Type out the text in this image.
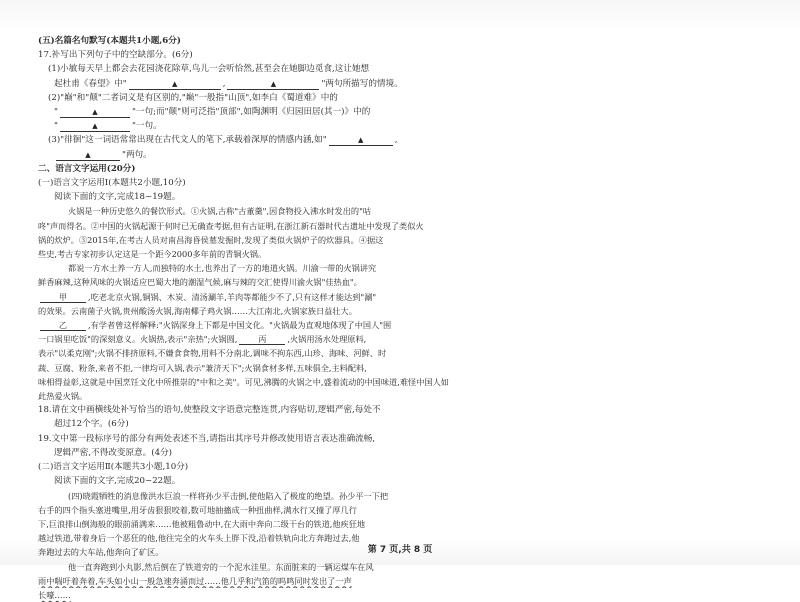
(五)名篇名句默写(本题共1小题,6分)
17.补写出下列句子中的空缺部分。(6分)
(1)小敏每天早上都会去花园浇花除草,鸟儿一会听恰然,甚至会在她脚边觅食,这让她想
起杜甫《春望》中"	▲	,	▲	"两句所描写的情境。
(2)"巅"和"颠"二者词义是有区别的,"巅"一般指"山顶",如李白《蜀道难》中的
"	▲	"一句;而"颠"则可泛指"顶部",如陶渊明《归园田居(其一)》中的
"	▲	"一句。
(3)"徘徊"这一词语常常出现在古代文人的笔下,承载着深厚的情感内涵,如"	▲	,
▲	"两句。
二、语言文字运用(20分)
(一)语言文字运用Ⅰ(本题共2小题,10分)
阅读下面的文字,完成18~19题。
火锅是一种历史悠久的餐饮形式。①火锅,古称"古董羹",因食物投入沸水时发出的"咕
咚"声而得名。②中国的火锅起源于何时已无确查考据,但有古证明,在浙江新石器时代古遗址中发现了类似火
锅的炊炉。③2015年,在考古人员对南昌海昏侯墓发掘时,发现了类似火锅炉子的炊器具。④据这
些史,考古专家初步认定这是一个距今2000多年前的青铜火锅。
都说一方水土养一方人,而独特的水土,也养出了一方的地道火锅。川渝一带的火锅讲究
鲜香麻辣,这种风味的火锅适应巴蜀大地的潮湿气候,麻与辣的交汇使得川渝火锅"佳热血"。
甲	,吃老北京火锅,铜锅、木炭、清汤涮羊,羊肉等都能少不了,只有这样才能达到"涮"
的效果。云南菌子火锅,贵州酸汤火锅,海南椰子鸡火锅……大江南北,火锅家族日益壮大。
乙	,有学者曾这样解释:"火锅深身上下都是中国文化。"火锅最为直观地体现了中国人"围
一口锅里吃饭"的深刻意义。火锅热,表示"亲热";火锅圆,	丙	,火锅用汤水处理原料,
表示"以柔克刚";火锅不排挤原料,不嫌食食物,用料不分南北,调味不拘东西,山珍、海味、河鲜、时
蔬、豆腐、粉条,来者不拒,一律均可入锅,表示"兼济天下";火锅食材多样,五味俱全,主料配料,
味相得益彰,这就是中国烹饪文化中所推崇的"中和之美"。可见,沸腾的火锅之中,盛着流动的中国味道,难怪中国人如
此热爱火锅。
18.请在文中画横线处补写恰当的语句,使整段文字语意完整连贯,内容贴切,逻辑严密,每处不
超过12个字。(6分)
19.文中第一段标序号的部分有两处表述不当,请指出其序号并修改使用语言表达准确流畅,
逻辑严密,不得改变原意。(4分)
(二)语言文字运用Ⅱ(本题共3小题,10分)
阅读下面的文字,完成20~22题。
(四)晓霞牺牲的消息像洪水巨浪一样将孙少平击倒,使他陷入了极度的绝望。孙少平一下把
右手的四个指头塞进嘴里,用牙齿狠狠咬着,数可地抽搐成一种扭曲样,满水行又撞了厚几行
下,巨浪排山倒海般的眼前涌满来……他被粗鲁动中,在大雨中奔向二级干台的铁道,他疾狂地
越过铁道,带着身后一个恶狂的他,他往完全的火车头上胖下没,沿着铁轨向北方奔跑过去,他
奔跑过去的大车站,他奔向了矿区。
他一直奔跑到小丸影,然后倒在了铁道旁的一个泥水洼里。东面脏来的一辆运煤车在风
雨中喘吁着奔着,车头如小山一般急速奔涌而过……他几乎和汽笛的呜鸣同时发出了一声
长嚎……
第 7 页,共 8 页
